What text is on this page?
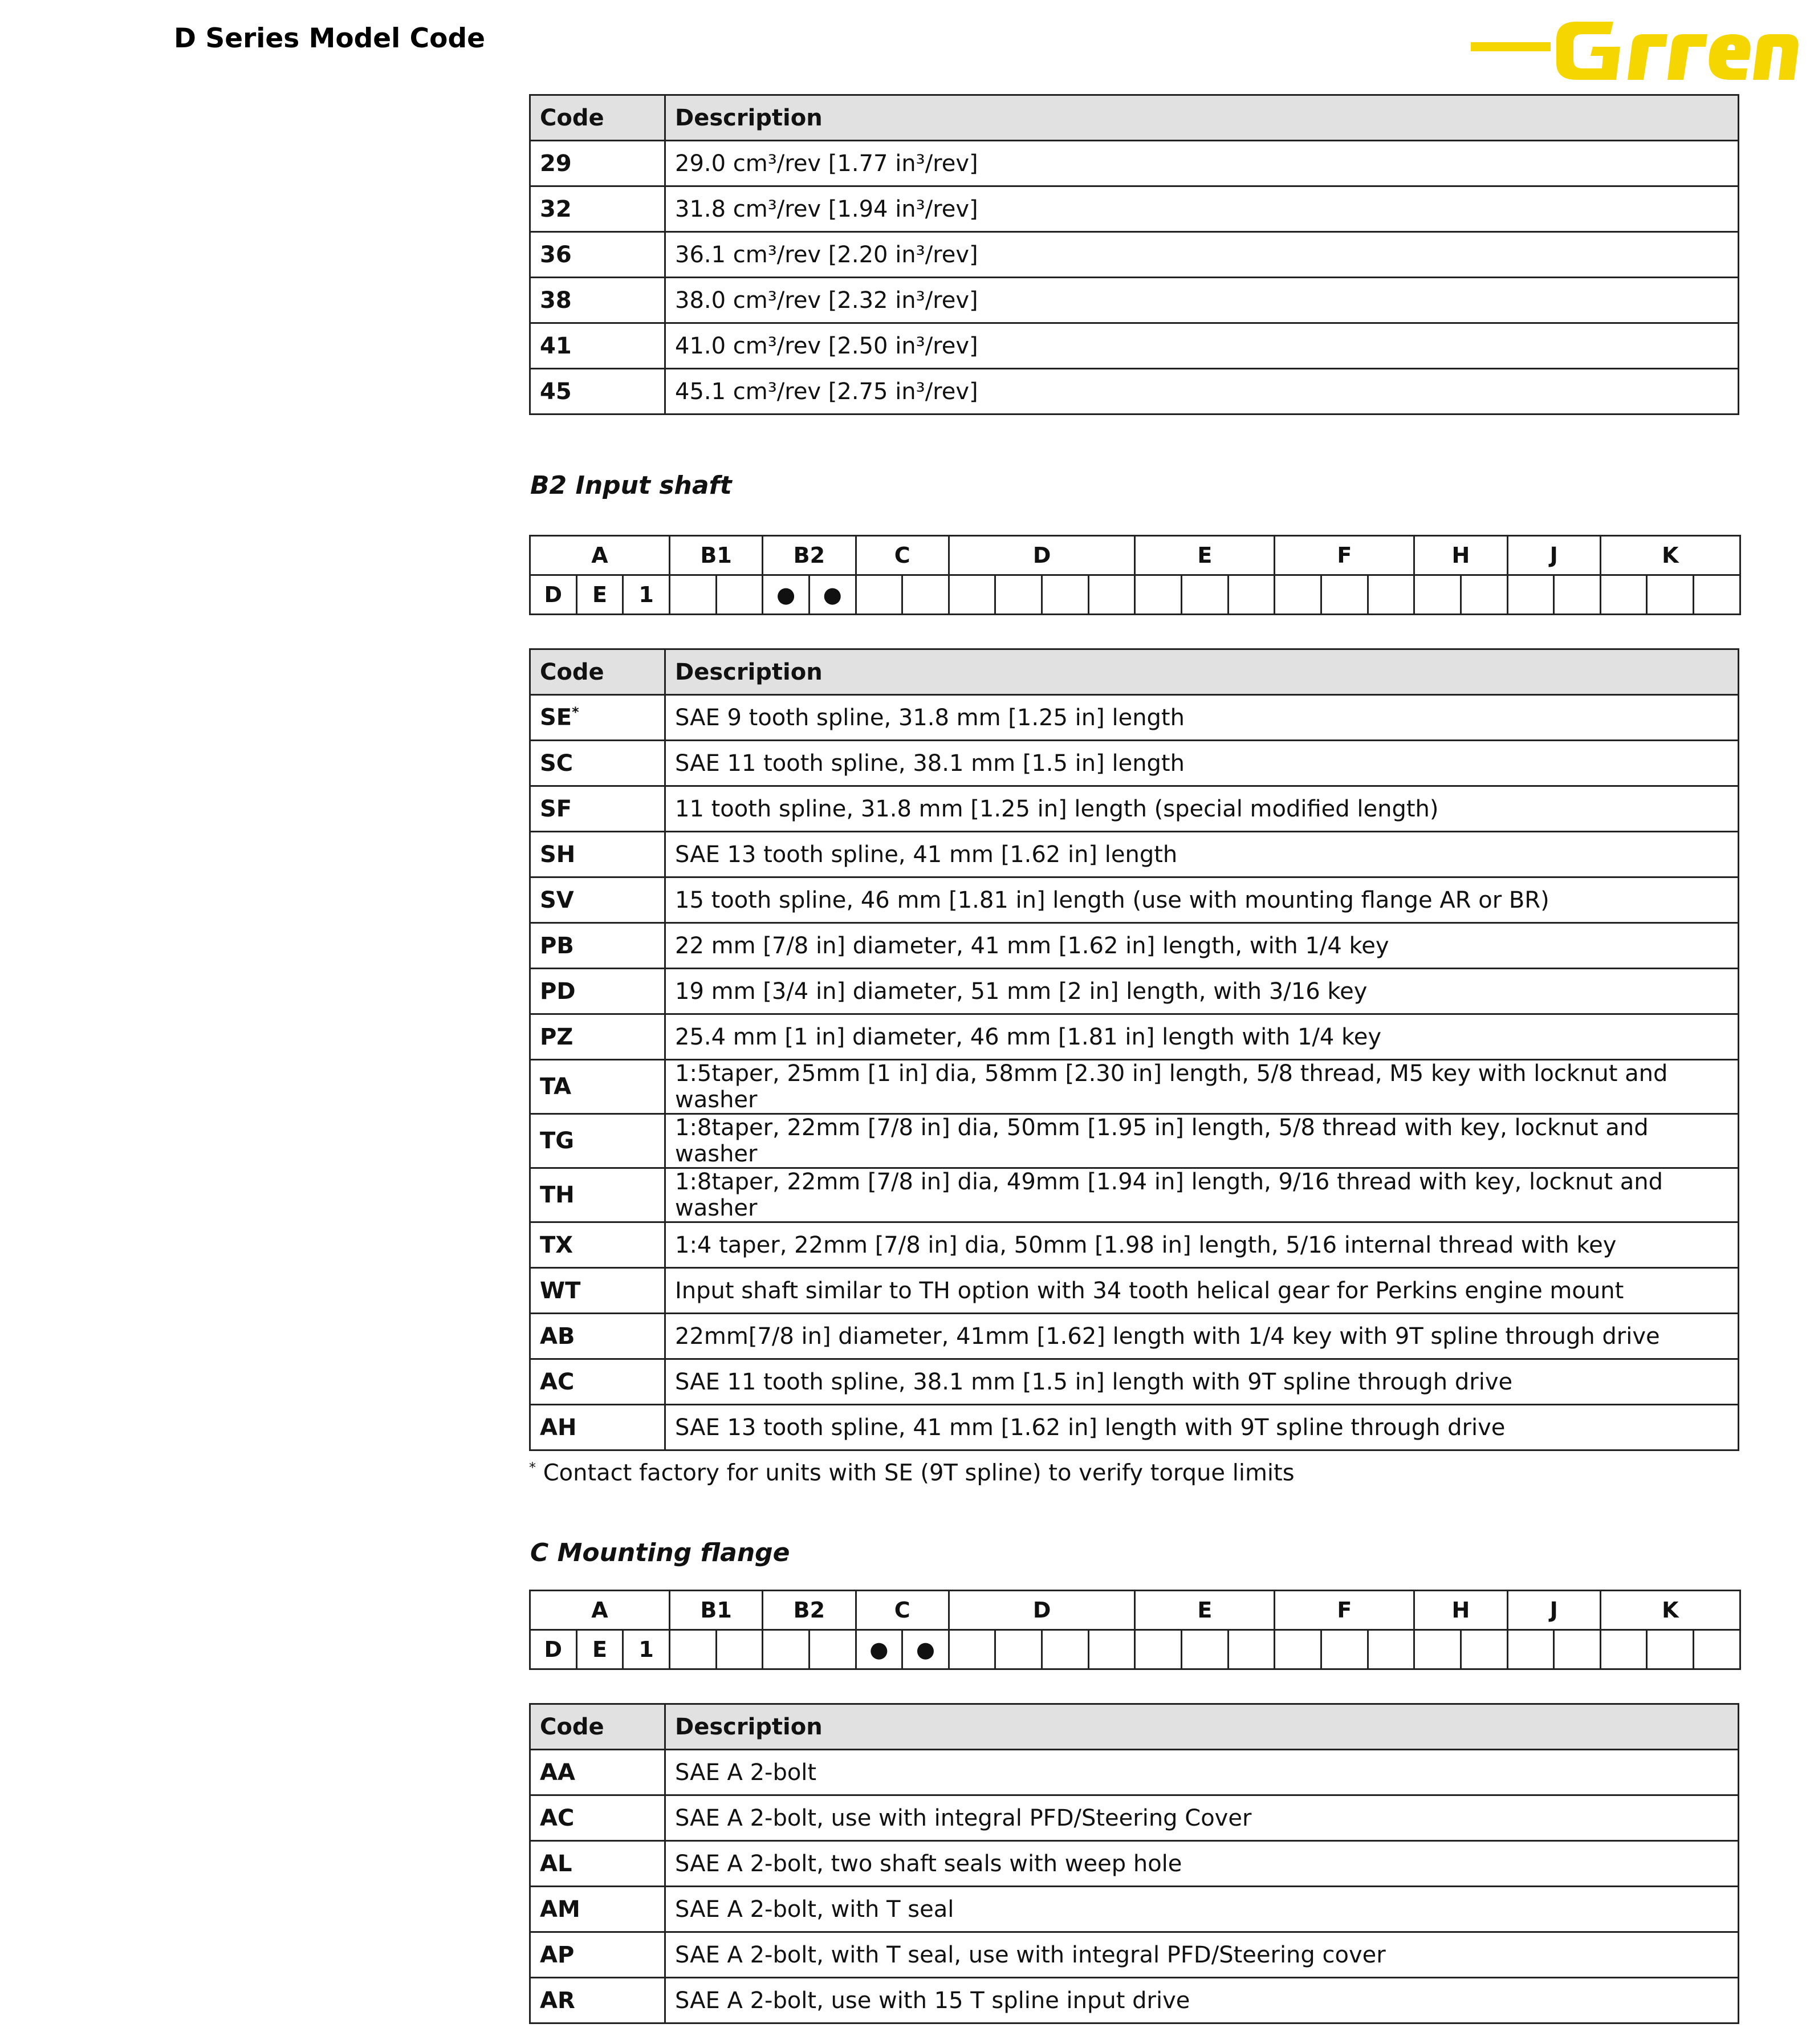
D Series Model Code
Code	Description
29	29.0 cm³/rev [1.77 in³/rev]
32	31.8 cm³/rev [1.94 in³/rev]
36	36.1 cm³/rev [2.20 in³/rev]
38	38.0 cm³/rev [2.32 in³/rev]
41	41.0 cm³/rev [2.50 in³/rev]
45	45.1 cm³/rev [2.75 in³/rev]
B2 Input shaft
A			B1		B2		C		D				E			F			H		J		K		
D	E	1			●	●																			
Code	Description
SE*	SAE 9 tooth spline, 31.8 mm [1.25 in] length
SC	SAE 11 tooth spline, 38.1 mm [1.5 in] length
SF	11 tooth spline, 31.8 mm [1.25 in] length (special modified length)
SH	SAE 13 tooth spline, 41 mm [1.62 in] length
SV	15 tooth spline, 46 mm [1.81 in] length (use with mounting flange AR or BR)
PB	22 mm [7/8 in] diameter, 41 mm [1.62 in] length, with 1/4 key
PD	19 mm [3/4 in] diameter, 51 mm [2 in] length, with 3/16 key
PZ	25.4 mm [1 in] diameter, 46 mm [1.81 in] length with 1/4 key
TA	1:5taper, 25mm [1 in] dia, 58mm [2.30 in] length, 5/8 thread, M5 key with locknut and washer
TG	1:8taper, 22mm [7/8 in] dia, 50mm [1.95 in] length, 5/8 thread with key, locknut and washer
TH	1:8taper, 22mm [7/8 in] dia, 49mm [1.94 in] length, 9/16 thread with key, locknut and washer
TX	1:4 taper, 22mm [7/8 in] dia, 50mm [1.98 in] length, 5/16 internal thread with key
WT	Input shaft similar to TH option with 34 tooth helical gear for Perkins engine mount
AB	22mm[7/8 in] diameter, 41mm [1.62] length with 1/4 key with 9T spline through drive
AC	SAE 11 tooth spline, 38.1 mm [1.5 in] length with 9T spline through drive
AH	SAE 13 tooth spline, 41 mm [1.62 in] length with 9T spline through drive
* Contact factory for units with SE (9T spline) to verify torque limits
C Mounting flange
A			B1		B2		C		D				E			F			H		J		K		
D	E	1					●	●																	
Code	Description
AA	SAE A 2-bolt
AC	SAE A 2-bolt, use with integral PFD/Steering Cover
AL	SAE A 2-bolt, two shaft seals with weep hole
AM	SAE A 2-bolt, with T seal
AP	SAE A 2-bolt, with T seal, use with integral PFD/Steering cover
AR	SAE A 2-bolt, use with 15 T spline input drive
